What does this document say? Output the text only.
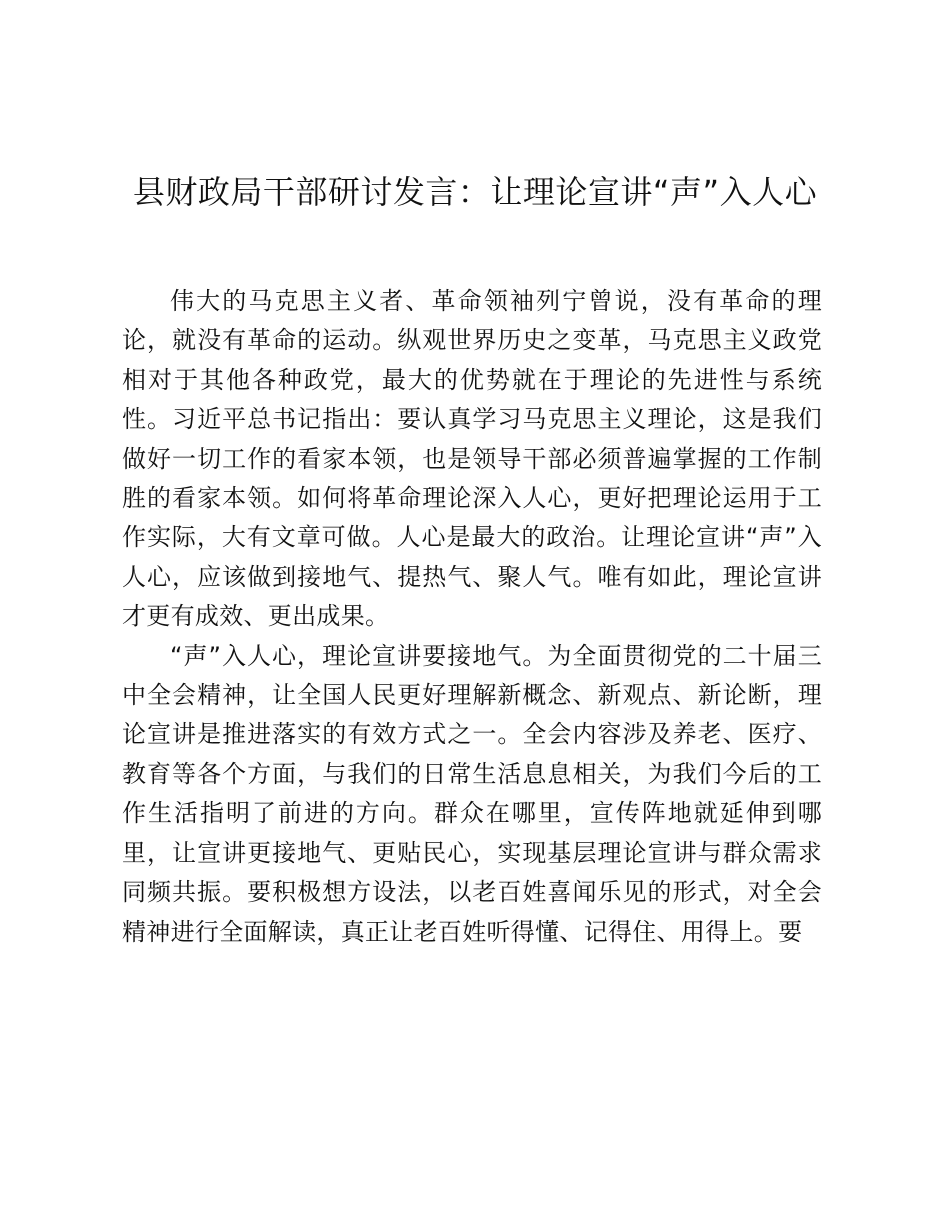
县财政局干部研讨发言：让理论宣讲“声”入人心

伟大的马克思主义者、革命领袖列宁曾说，没有革命的理论，就没有革命的运动。纵观世界历史之变革，马克思主义政党相对于其他各种政党，最大的优势就在于理论的先进性与系统性。习近平总书记指出：要认真学习马克思主义理论，这是我们做好一切工作的看家本领，也是领导干部必须普遍掌握的工作制胜的看家本领。如何将革命理论深入人心，更好把理论运用于工作实际，大有文章可做。人心是最大的政治。让理论宣讲“声”入人心，应该做到接地气、提热气、聚人气。唯有如此，理论宣讲才更有成效、更出成果。

“声”入人心，理论宣讲要接地气。为全面贯彻党的二十届三中全会精神，让全国人民更好理解新概念、新观点、新论断，理论宣讲是推进落实的有效方式之一。全会内容涉及养老、医疗、教育等各个方面，与我们的日常生活息息相关，为我们今后的工作生活指明了前进的方向。群众在哪里，宣传阵地就延伸到哪里，让宣讲更接地气、更贴民心，实现基层理论宣讲与群众需求同频共振。要积极想方设法，以老百姓喜闻乐见的形式，对全会精神进行全面解读，真正让老百姓听得懂、记得住、用得上。要
